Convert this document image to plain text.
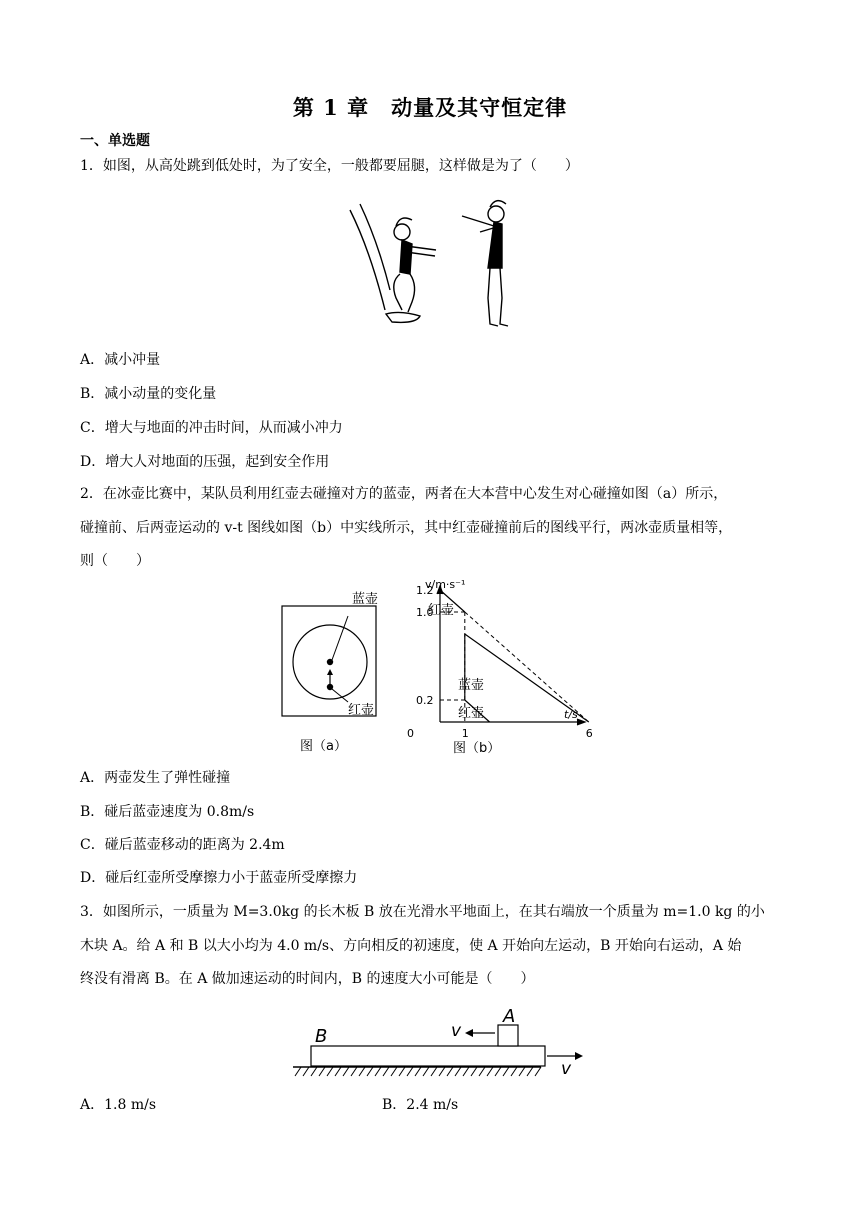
第 1 章　动量及其守恒定律
一、单选题
1．如图，从高处跳到低处时，为了安全，一般都要屈腿，这样做是为了（　　）
A．减小冲量
B．减小动量的变化量
C．增大与地面的冲击时间，从而减小冲力
D．增大人对地面的压强，起到安全作用
2．在冰壶比赛中，某队员利用红壶去碰撞对方的蓝壶，两者在大本营中心发生对心碰撞如图（a）所示，
碰撞前、后两壶运动的 v-t 图线如图（b）中实线所示，其中红壶碰撞前后的图线平行，两冰壶质量相等，
则（　　）
蓝壶
红壶
图（a）
1.2
1.0
0.2
0	1	6
v/m·s⁻¹
t/s
红壶
蓝壶
红壶
图（b）
A．两壶发生了弹性碰撞
B．碰后蓝壶速度为 0.8m/s
C．碰后蓝壶移动的距离为 2.4m
D．碰后红壶所受摩擦力小于蓝壶所受摩擦力
3．如图所示，一质量为 M=3.0kg 的长木板 B 放在光滑水平地面上，在其右端放一个质量为 m=1.0 kg 的小
木块 A。给 A 和 B 以大小均为 4.0 m/s、方向相反的初速度，使 A 开始向左运动，B 开始向右运动，A 始
终没有滑离 B。在 A 做加速运动的时间内，B 的速度大小可能是（　　）
B
A
v
v
A．1.8 m/s	B．2.4 m/s
